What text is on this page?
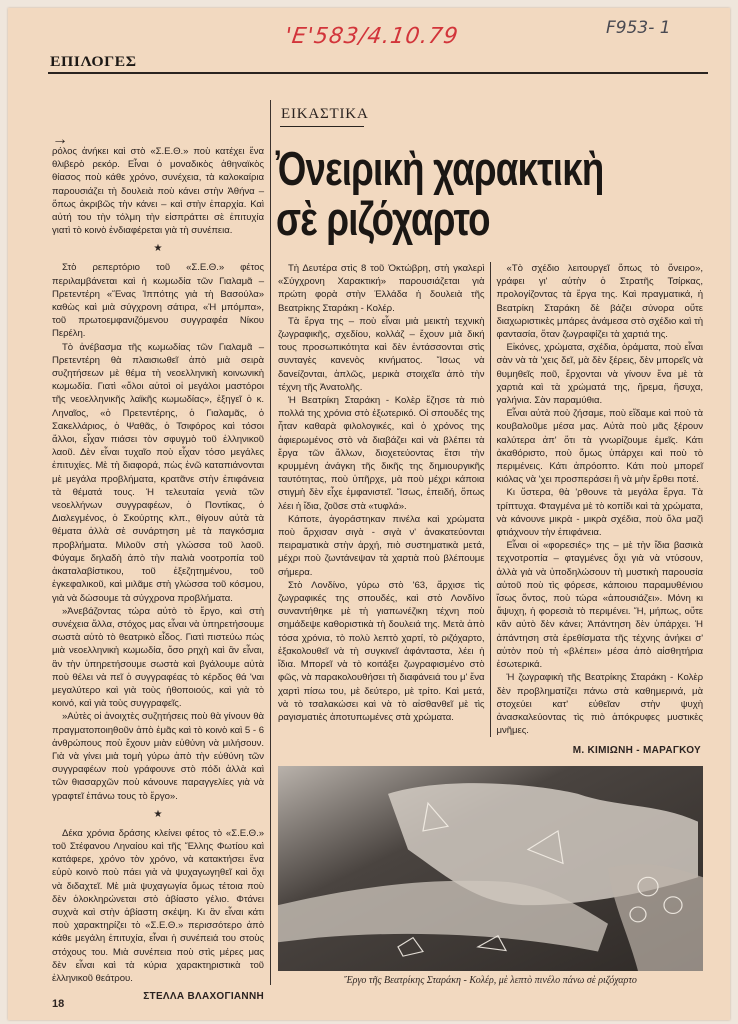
'Ε'583/4.10.79	F953- 1
ΕΠΙΛΟΓΕΣ
→

ρόλος ἀνήκει καὶ στὸ «Σ.Ε.Θ.» ποὺ κατέχει ἕνα θλιβερὸ ρεκόρ. Εἶναι ὁ μοναδικὸς ἀθηναϊκὸς θίασος ποὺ κάθε χρόνο, συνέχεια, τὰ καλοκαίρια παρουσιάζει τὴ δουλειὰ ποὺ κάνει στὴν Ἀθήνα – ὅπως ἀκριβῶς τὴν κάνει – καὶ στὴν ἐπαρχία. Καὶ αὐτή του τὴν τόλμη τὴν εἰσπράττει σὲ ἐπιτυχία γιατὶ τὸ κοινὸ ἐνδιαφέρεται γιὰ τὴ συνέπεια.

★

Στὸ ρεπερτόριο τοῦ «Σ.Ε.Θ.» φέτος περιλαμβάνεται καὶ ἡ κωμωδία τῶν Γιαλαμᾶ – Πρετεντέρη «Ἕνας Ἱππότης γιὰ τὴ Βασούλα» καθὼς καὶ μιὰ σύγχρονη σάτιρα, «Ἡ μπόμπα», τοῦ πρωτοεμφανιζόμενου συγγραφέα Νίκου Περέλη.

Τὸ ἀνέβασμα τῆς κωμωδίας τῶν Γιαλαμᾶ – Πρετεντέρη θὰ πλαισιωθεῖ ἀπὸ μιὰ σειρὰ συζητήσεων μὲ θέμα τὴ νεοελληνικὴ κοινωνικὴ κωμωδία. Γιατὶ «ὅλοι αὐτοὶ οἱ μεγάλοι μαστόροι τῆς νεοελληνικῆς λαϊκῆς κωμωδίας», ἐξηγεῖ ὁ κ. Ληναῖος, «ὁ Πρετεντέρης, ὁ Γιαλαμᾶς, ὁ Σακελλάριος, ὁ Ψαθᾶς, ὁ Τσιφόρος καὶ τόσοι ἄλλοι, εἶχαν πιάσει τὸν σφυγμὸ τοῦ ἑλληνικοῦ λαοῦ. Δὲν εἶναι τυχαῖο ποὺ εἶχαν τόσο μεγάλες ἐπιτυχίες. Μὲ τὴ διαφορά, πὼς ἐνῶ καταπιάνονται μὲ μεγάλα προβλήματα, κρατᾶνε στὴν ἐπιφάνεια τὰ θέματά τους. Ἡ τελευταία γενιὰ τῶν νεοελλήνων συγγραφέων, ὁ Ποντίκας, ὁ Διαλεγμένος, ὁ Σκούρτης κλπ., θίγουν αὐτὰ τὰ θέματα ἀλλὰ σὲ συνάρτηση μὲ τὰ παγκόσμια προβλήματα. Μιλοῦν στὴ γλώσσα τοῦ λαοῦ. Φύγαμε δηλαδὴ ἀπὸ τὴν παλιὰ νοοτροπία τοῦ ἀκαταλαβίστικου, τοῦ ἐξεζητημένου, τοῦ ἐγκεφαλικοῦ, καὶ μιλᾶμε στὴ γλώσσα τοῦ κόσμου, γιὰ νὰ δώσουμε τὰ σύγχρονα προβλήματα.

»Ἀνεβάζοντας τώρα αὐτὸ τὸ ἔργο, καὶ στὴ συνέχεια ἄλλα, στόχος μας εἶναι νὰ ὑπηρετήσουμε σωστὰ αὐτὸ τὸ θεατρικὸ εἶδος. Γιατὶ πιστεύω πὼς μιὰ νεοελληνικὴ κωμωδία, ὅσο ρηχὴ καὶ ἂν εἶναι, ἂν τὴν ὑπηρετήσουμε σωστὰ καὶ βγάλουμε αὐτὰ ποὺ θέλει νὰ πεῖ ὁ συγγραφέας τὸ κέρδος θά 'ναι μεγαλύτερο καὶ γιὰ τοὺς ἠθοποιούς, καὶ γιὰ τὸ κοινό, καὶ γιὰ τοὺς συγγραφεῖς.

»Αὐτὲς οἱ ἀνοιχτὲς συζητήσεις ποὺ θὰ γίνουν θὰ πραγματοποιηθοῦν ἀπὸ ἐμᾶς καὶ τὸ κοινὸ καὶ 5 - 6 ἀνθρώπους ποὺ ἔχουν μιὰν εὐθύνη νὰ μιλήσουν. Γιὰ νὰ γίνει μιὰ τομὴ γύρω ἀπὸ τὴν εὐθύνη τῶν συγγραφέων ποὺ γράφουνε στὸ πόδι ἀλλὰ καὶ τῶν θιασαρχῶν ποὺ κάνουνε παραγγελίες γιὰ νὰ γραφτεῖ ἐπάνω τους τὸ ἔργο».

★

Δέκα χρόνια δράσης κλείνει φέτος τὸ «Σ.Ε.Θ.» τοῦ Στέφανου Ληναίου καὶ τῆς Ἔλλης Φωτίου καὶ κατάφερε, χρόνο τὸν χρόνο, νὰ κατακτήσει ἕνα εὐρὺ κοινὸ ποὺ πάει γιὰ νὰ ψυχαγωγηθεῖ καὶ ὄχι νὰ διδαχτεῖ. Μὲ μιὰ ψυχαγωγία ὅμως τέτοια ποὺ δὲν ὁλοκληρώνεται στὸ ἀβίαστο γέλιο. Φτάνει συχνὰ καὶ στὴν ἀβίαστη σκέψη. Κι ἂν εἶναι κάτι ποὺ χαρακτηρίζει τὸ «Σ.Ε.Θ.» περισσότερο ἀπὸ κάθε μεγάλη ἐπιτυχία, εἶναι ἡ συνέπειά του στοὺς στόχους του. Μιὰ συνέπεια ποὺ στὶς μέρες μας δὲν εἶναι καὶ τὰ κύρια χαρακτηριστικὰ τοῦ ἑλληνικοῦ θεάτρου.

ΣΤΕΛΛΑ ΒΛΑΧΟΓΙΑΝΝΗ
ΕΙΚΑΣΤΙΚΑ
Ὀνειρικὴ χαρακτικὴ
σὲ ριζόχαρτο

Τὴ Δευτέρα στὶς 8 τοῦ Ὀκτώβρη, στὴ γκαλερὶ «Σύγχρονη Χαρακτική» παρουσιάζεται γιὰ πρώτη φορὰ στὴν Ἑλλάδα ἡ δουλειὰ τῆς Βεατρίκης Σταράκη - Κολέρ.

Τὰ ἔργα της – ποὺ εἶναι μιὰ μεικτὴ τεχνικὴ ζωγραφικῆς, σχεδίου, κολλάζ – ἔχουν μιὰ δική τους προσωπικότητα καὶ δὲν ἐντάσσονται στὶς συνταγὲς κανενὸς κινήματος. Ἴσως νὰ δανείζονται, ἁπλῶς, μερικὰ στοιχεῖα ἀπὸ τὴν τέχνη τῆς Ἀνατολῆς.

Ἡ Βεατρίκη Σταράκη - Κολὲρ ἔζησε τὰ πιὸ πολλά της χρόνια στὸ ἐξωτερικό. Οἱ σπουδές της ἦταν καθαρὰ φιλολογικές, καὶ ὁ χρόνος της ἀφιερωμένος στὸ νὰ διαβάζει καὶ νὰ βλέπει τὰ ἔργα τῶν ἄλλων, διοχετεύοντας ἔτσι τὴν κρυμμένη ἀνάγκη τῆς δικῆς της δημιουργικῆς ταυτότητας, ποὺ ὑπῆρχε, μὰ ποὺ μέχρι κάποια στιγμὴ δὲν εἶχε ἐμφανιστεῖ. Ἴσως, ἐπειδή, ὅπως λέει ἡ ἴδια, ζοῦσε στὰ «τυφλά».

Κάποτε, ἀγοράστηκαν πινέλα καὶ χρώματα ποὺ ἄρχισαν σιγὰ - σιγὰ ν' ἀνακατεύονται πειραματικὰ στὴν ἀρχή, πιὸ συστηματικὰ μετά, μέχρι ποὺ ζωντάνεψαν τὰ χαρτιὰ ποὺ βλέπουμε σήμερα.

Στὸ Λονδίνο, γύρω στὸ '63, ἄρχισε τὶς ζωγραφικές της σπουδές, καὶ στὸ Λονδίνο συναντήθηκε μὲ τὴ γιαπωνέζικη τέχνη ποὺ σημάδεψε καθοριστικὰ τὴ δουλειά της. Μετὰ ἀπὸ τόσα χρόνια, τὸ πολὺ λεπτὸ χαρτί, τὸ ριζόχαρτο, ἐξακολουθεῖ νὰ τὴ συγκινεῖ ἀφάνταστα, λέει ἡ ἴδια. Μπορεῖ νὰ τὸ κοιτάξει ζωγραφισμένο στὸ φῶς, νὰ παρακολουθήσει τὴ διαφάνειά του μ' ἕνα χαρτὶ πίσω του, μὲ δεύτερο, μὲ τρίτο. Καὶ μετά, νὰ τὸ τσαλακώσει καὶ νὰ τὸ αἰσθανθεῖ μὲ τὶς ραγισματιὲς ἀποτυπωμένες στὰ χρώματα.

«Τὸ σχέδιο λειτουργεῖ ὅπως τὸ ὄνειρο», γράφει γι' αὐτὴν ὁ Στρατῆς Τσίρκας, προλογίζοντας τὰ ἔργα της. Καὶ πραγματικά, ἡ Βεατρίκη Σταράκη δὲ βάζει σύνορα οὔτε διαχωριστικὲς μπάρες ἀνάμεσα στὸ σχέδιο καὶ τὴ φαντασία, ὅταν ζωγραφίζει τὰ χαρτιά της.

Εἰκόνες, χρώματα, σχέδια, ὁράματα, ποὺ εἶναι σὰν νὰ τὰ 'χεις δεῖ, μὰ δὲν ξέρεις, δὲν μπορεῖς νὰ θυμηθεῖς ποῦ, ἔρχονται νὰ γίνουν ἕνα μὲ τὰ χαρτιὰ καὶ τὰ χρώματά της, ἤρεμα, ἥσυχα, γαλήνια. Σὰν παραμύθια.

Εἶναι αὐτὰ ποὺ ζήσαμε, ποὺ εἴδαμε καὶ ποὺ τὰ κουβαλοῦμε μέσα μας. Αὐτὰ ποὺ μᾶς ξέρουν καλύτερα ἀπ' ὅτι τὰ γνωρίζουμε ἐμεῖς. Κάτι ἀκαθόριστο, ποὺ ὅμως ὑπάρχει καὶ ποὺ τὸ περιμένεις. Κάτι ἀπρόοπτο. Κάτι ποὺ μπορεῖ κιόλας νὰ 'χει προσπεράσει ἢ νὰ μὴν ἔρθει ποτέ.

Κι ὕστερα, θὰ 'ρθουνε τὰ μεγάλα ἔργα. Τὰ τρίπτυχα. Φταγμένα μὲ τὸ κοπίδι καὶ τὰ χρώματα, νὰ κάνουνε μικρὰ - μικρὰ σχέδια, ποὺ ὅλα μαζὶ φτιάχνουν τὴν ἐπιφάνεια.

Εἶναι οἱ «φορεσιές» της – μὲ τὴν ἴδια βασικὰ τεχνοτροπία – φταγμένες ὄχι γιὰ νὰ ντύσουν, ἀλλὰ γιὰ νὰ ὑποδηλώσουν τὴ μυστικὴ παρουσία αὐτοῦ ποὺ τὶς φόρεσε, κάποιου παραμυθένιου ἴσως ὄντος, ποὺ τώρα «ἀπουσιάζει». Μόνη κι ἄψυχη, ἡ φορεσιὰ τὸ περιμένει. Ἤ, μήπως, οὔτε κἂν αὐτὸ δὲν κάνει; Ἀπάντηση δὲν ὑπάρχει. Ἡ ἀπάντηση στὰ ἐρεθίσματα τῆς τέχνης ἀνήκει σ' αὐτὸν ποὺ τὴ «βλέπει» μέσα ἀπὸ αἰσθητήρια ἐσωτερικά.

Ἡ ζωγραφικὴ τῆς Βεατρίκης Σταράκη - Κολὲρ δὲν προβληματίζει πάνω στὰ καθημερινά, μὰ στοχεύει κατ' εὐθεῖαν στὴν ψυχὴ ἀνασκαλεύοντας τὶς πιὸ ἀπόκρυφες μυστικὲς μνῆμες.

Μ. ΚΙΜΙΩΝΗ - ΜΑΡΑΓΚΟΥ
Ἔργο τῆς Βεατρίκης Σταράκη - Κολέρ, μὲ λεπτὸ πινέλο πάνω σὲ ριζόχαρτο
18
